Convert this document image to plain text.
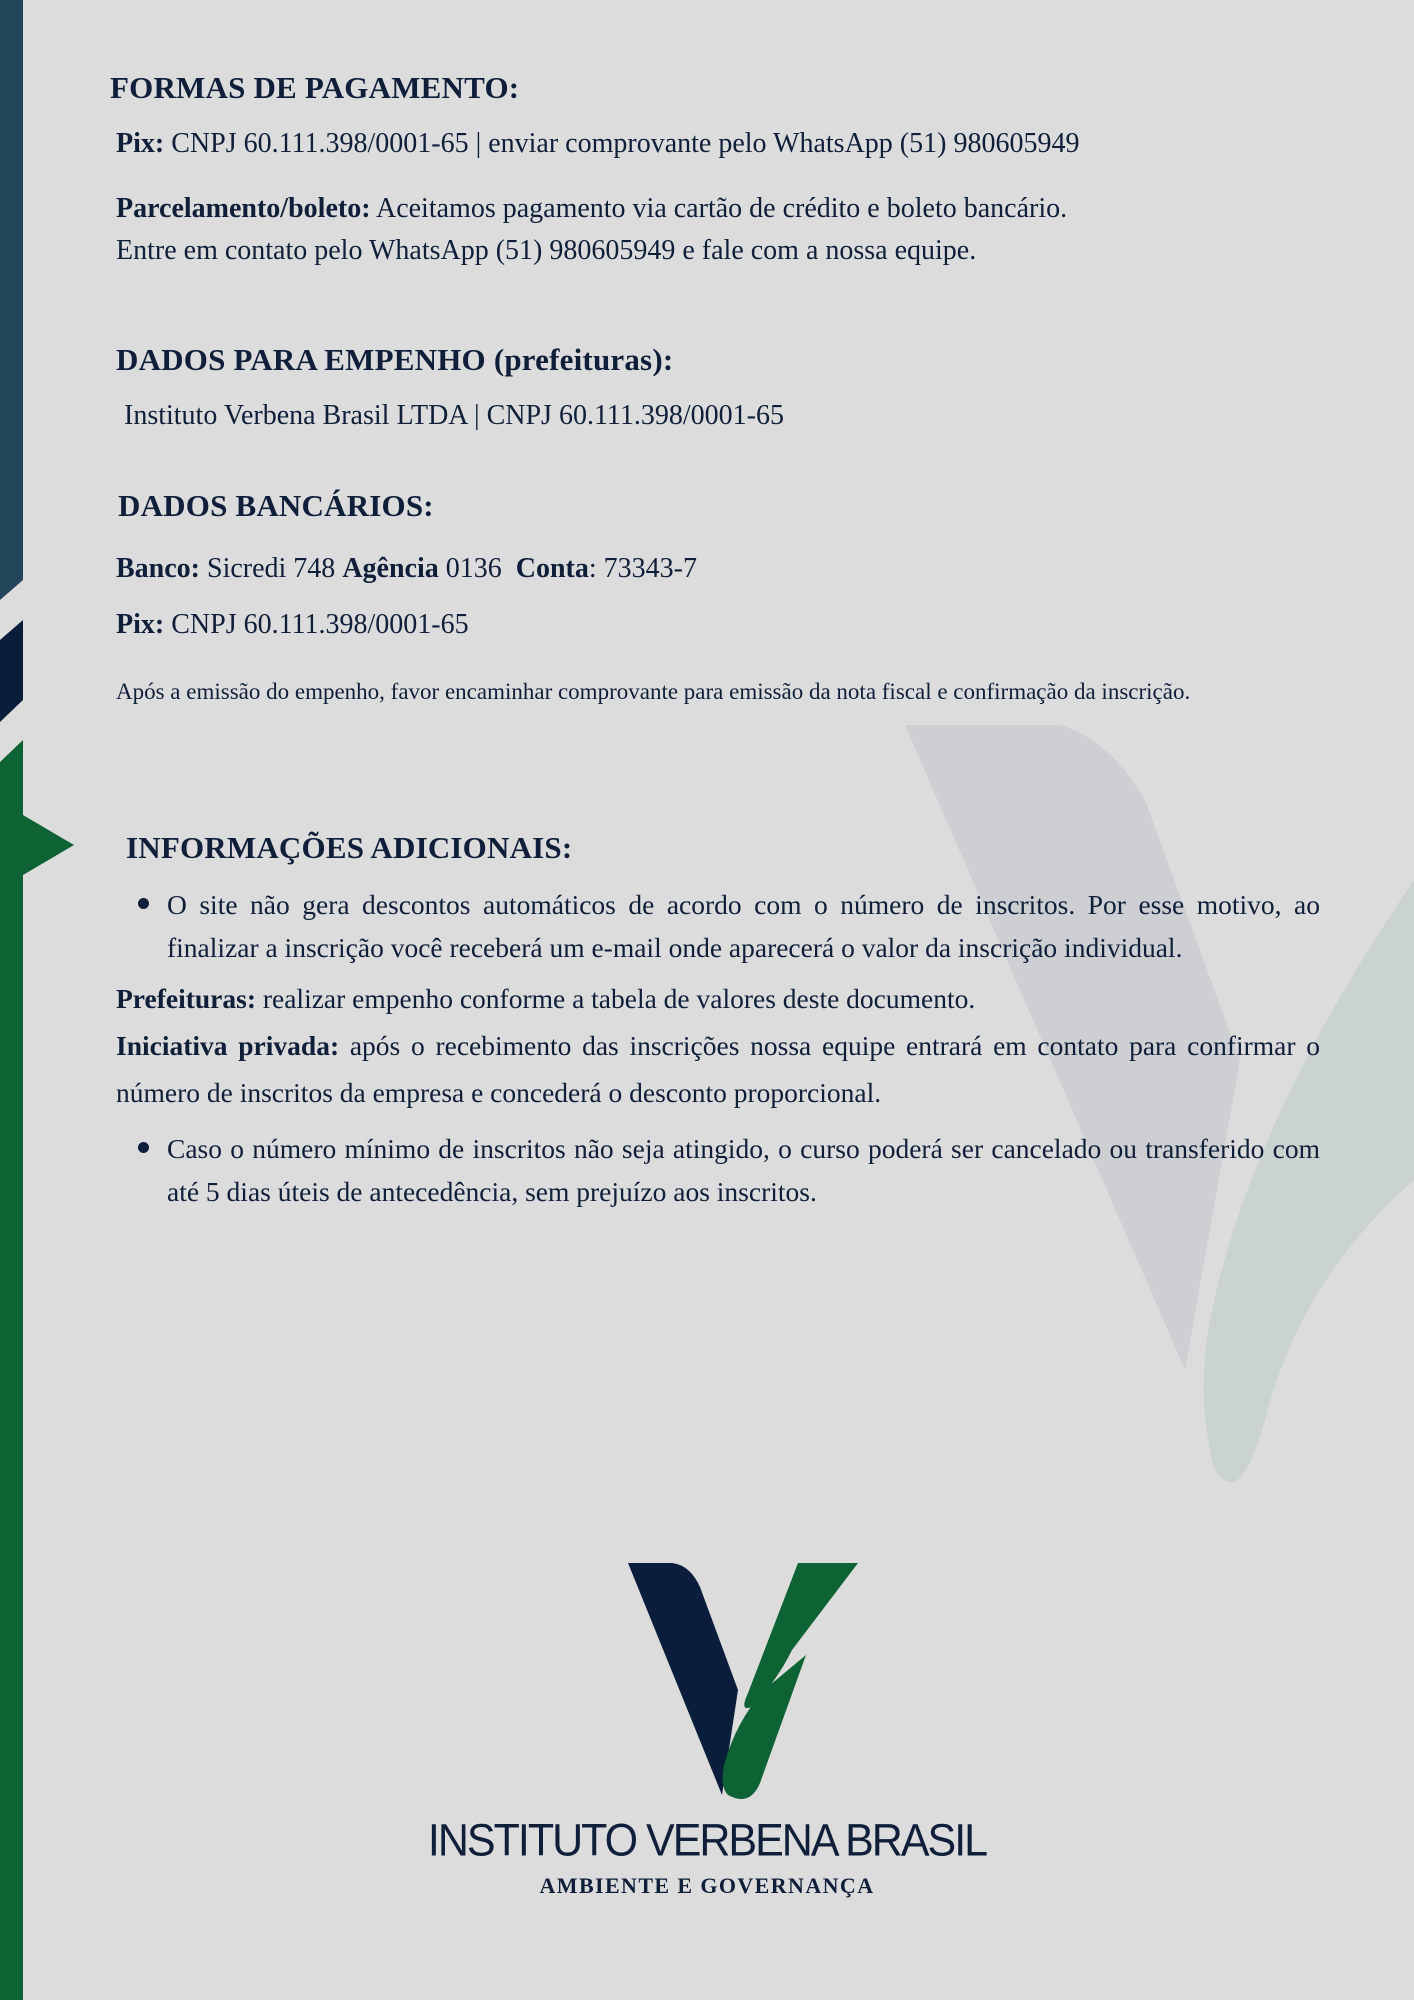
FORMAS DE PAGAMENTO:
Pix: CNPJ 60.111.398/0001-65 | enviar comprovante pelo WhatsApp (51) 980605949
Parcelamento/boleto: Aceitamos pagamento via cartão de crédito e boleto bancário.
Entre em contato pelo WhatsApp (51) 980605949 e fale com a nossa equipe.
DADOS PARA EMPENHO (prefeituras):
Instituto Verbena Brasil LTDA | CNPJ 60.111.398/0001-65
DADOS BANCÁRIOS:
Banco: Sicredi 748 Agência 0136  Conta: 73343-7
Pix: CNPJ 60.111.398/0001-65
Após a emissão do empenho, favor encaminhar comprovante para emissão da nota fiscal e confirmação da inscrição.
INFORMAÇÕES ADICIONAIS:
O site não gera descontos automáticos de acordo com o número de inscritos. Por esse motivo, ao finalizar a inscrição você receberá um e-mail onde aparecerá o valor da inscrição individual.
Prefeituras: realizar empenho conforme a tabela de valores deste documento.
Iniciativa privada: após o recebimento das inscrições nossa equipe entrará em contato para confirmar o número de inscritos da empresa e concederá o desconto proporcional.
Caso o número mínimo de inscritos não seja atingido, o curso poderá ser cancelado ou transferido com até 5 dias úteis de antecedência, sem prejuízo aos inscritos.
INSTITUTO VERBENA BRASIL
AMBIENTE E GOVERNANÇA
